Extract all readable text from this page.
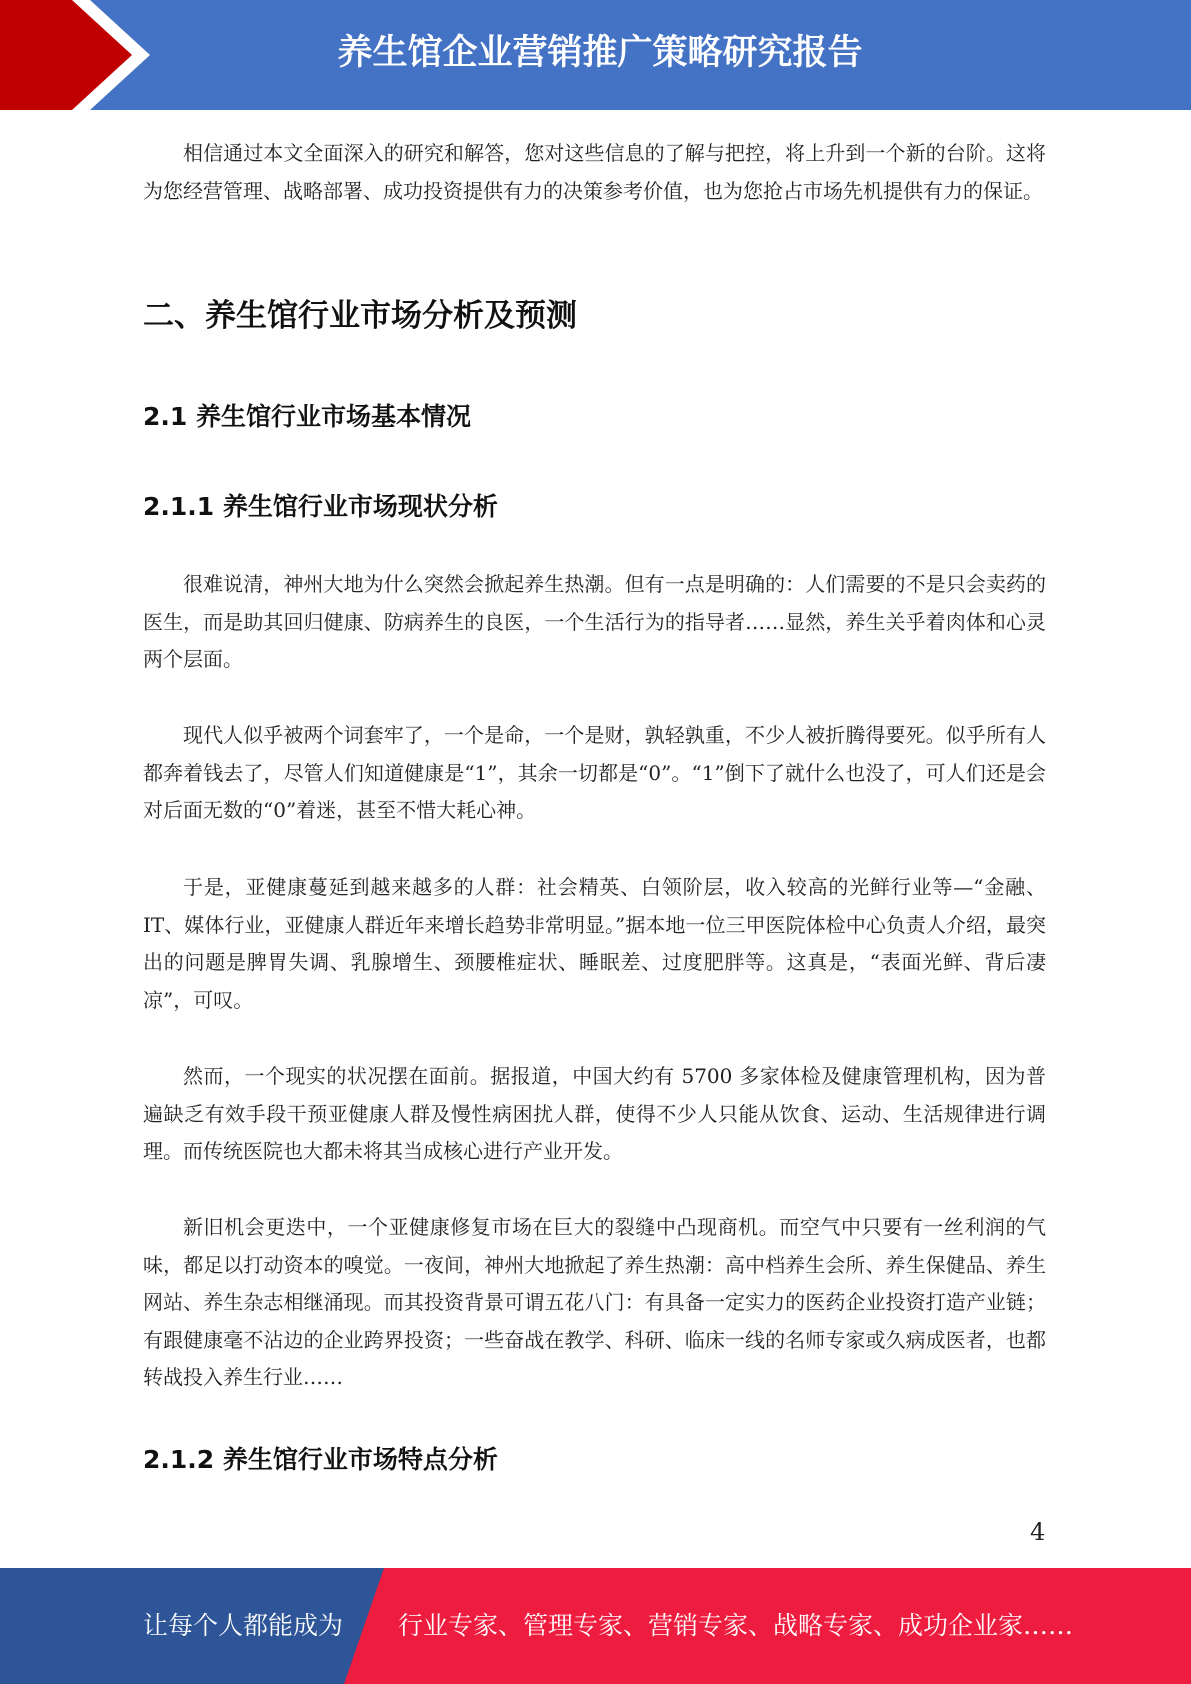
养生馆企业营销推广策略研究报告

相信通过本文全面深入的研究和解答，您对这些信息的了解与把控，将上升到一个新的台阶。这将为您经营管理、战略部署、成功投资提供有力的决策参考价值，也为您抢占市场先机提供有力的保证。

二、养生馆行业市场分析及预测
2.1 养生馆行业市场基本情况
2.1.1 养生馆行业市场现状分析

很难说清，神州大地为什么突然会掀起养生热潮。但有一点是明确的：人们需要的不是只会卖药的医生，而是助其回归健康、防病养生的良医，一个生活行为的指导者……显然，养生关乎着肉体和心灵两个层面。

现代人似乎被两个词套牢了，一个是命，一个是财，孰轻孰重，不少人被折腾得要死。似乎所有人都奔着钱去了，尽管人们知道健康是“1”，其余一切都是“0”。“1”倒下了就什么也没了，可人们还是会对后面无数的“0”着迷，甚至不惜大耗心神。

于是，亚健康蔓延到越来越多的人群：社会精英、白领阶层，收入较高的光鲜行业等—“金融、IT、媒体行业，亚健康人群近年来增长趋势非常明显。”据本地一位三甲医院体检中心负责人介绍，最突出的问题是脾胃失调、乳腺增生、颈腰椎症状、睡眠差、过度肥胖等。这真是，“表面光鲜、背后凄凉”，可叹。

然而，一个现实的状况摆在面前。据报道，中国大约有 5700 多家体检及健康管理机构，因为普遍缺乏有效手段干预亚健康人群及慢性病困扰人群，使得不少人只能从饮食、运动、生活规律进行调理。而传统医院也大都未将其当成核心进行产业开发。

新旧机会更迭中，一个亚健康修复市场在巨大的裂缝中凸现商机。而空气中只要有一丝利润的气味，都足以打动资本的嗅觉。一夜间，神州大地掀起了养生热潮：高中档养生会所、养生保健品、养生网站、养生杂志相继涌现。而其投资背景可谓五花八门：有具备一定实力的医药企业投资打造产业链；有跟健康毫不沾边的企业跨界投资；一些奋战在教学、科研、临床一线的名师专家或久病成医者，也都转战投入养生行业……

2.1.2 养生馆行业市场特点分析
4
让每个人都能成为 行业专家、管理专家、营销专家、战略专家、成功企业家……
